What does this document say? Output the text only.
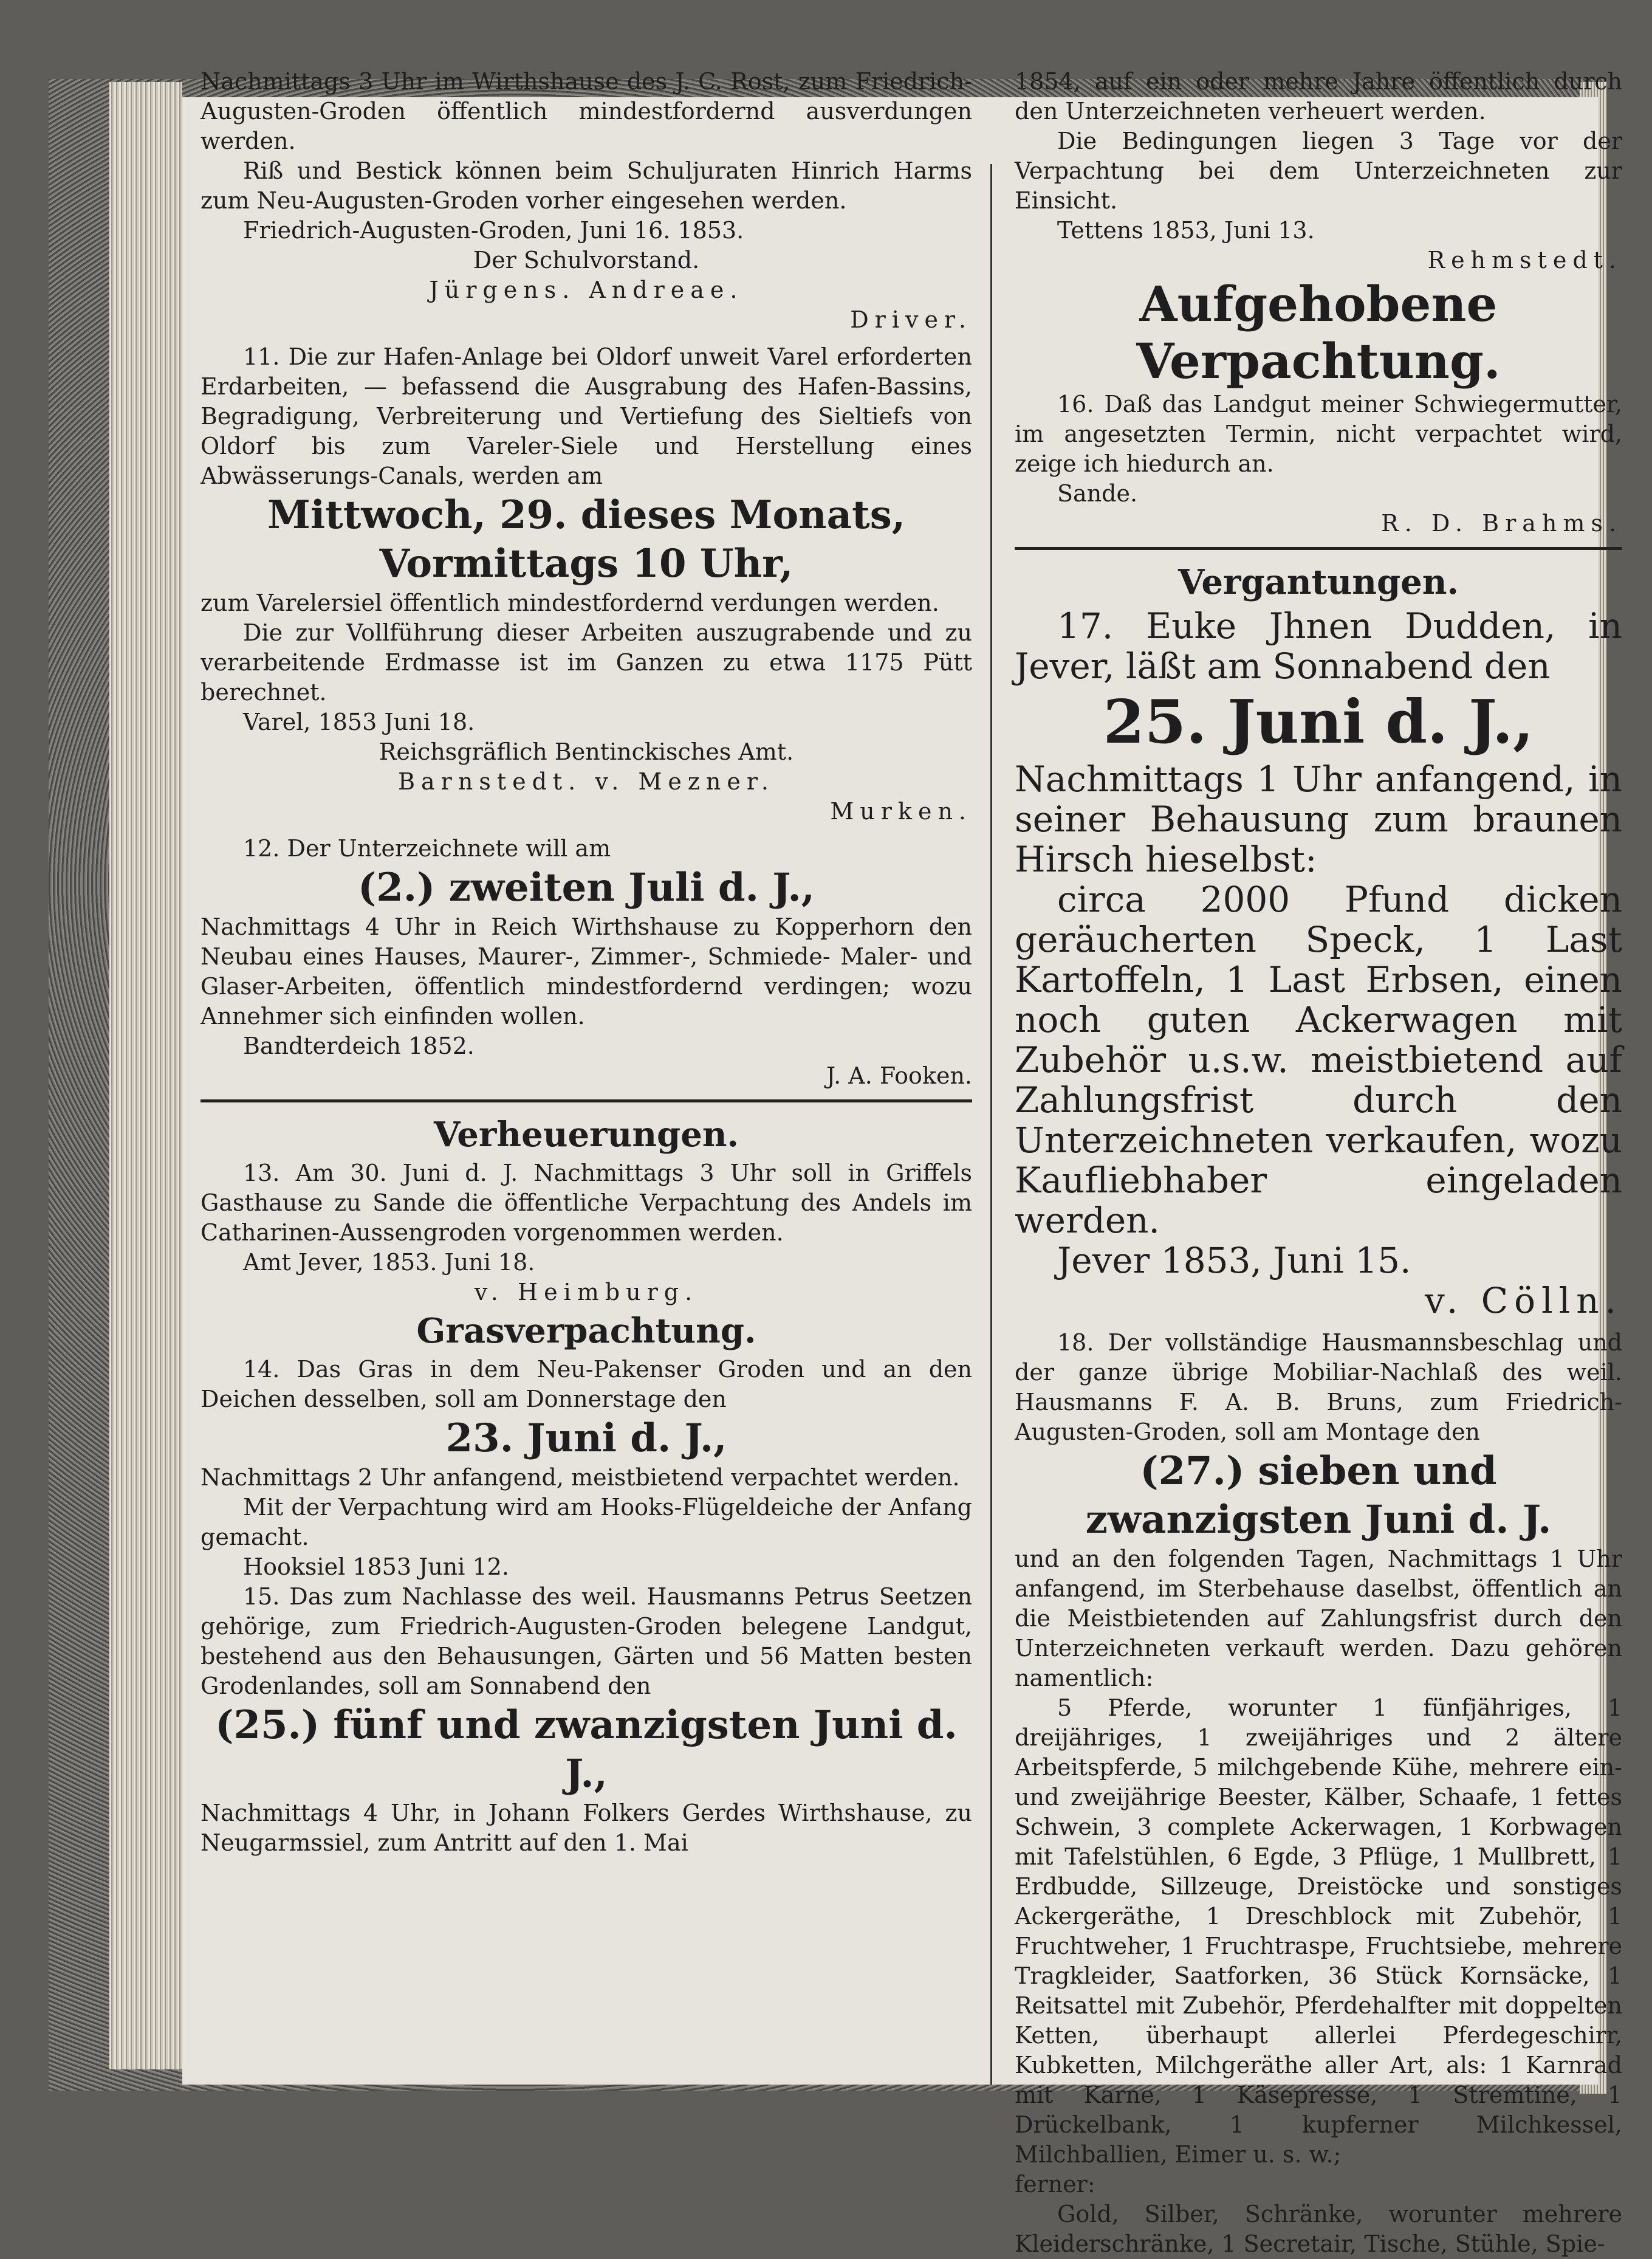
Nachmittags 3 Uhr im Wirthshause des J. C. Rost, zum Friedrich-Augusten-Groden öffentlich mindestfordernd ausverdungen werden.

Riß und Bestick können beim Schuljuraten Hinrich Harms zum Neu-Augusten-Groden vorher eingesehen werden.

Friedrich-Augusten-Groden, Juni 16. 1853.

Der Schulvorstand.

Jürgens. Andreae.

Driver.

11. Die zur Hafen-Anlage bei Oldorf unweit Varel erforderten Erdarbeiten, — befassend die Ausgrabung des Hafen-Bassins, Begradigung, Verbreiterung und Vertiefung des Sieltiefs von Oldorf bis zum Vareler-Siele und Herstellung eines Abwässerungs-Canals, werden am

Mittwoch, 29. dieses Monats, Vormittags 10 Uhr,

zum Varelersiel öffentlich mindestfordernd verdungen werden.

Die zur Vollführung dieser Arbeiten auszugrabende und zu verarbeitende Erdmasse ist im Ganzen zu etwa 1175 Pütt berechnet.

Varel, 1853 Juni 18.

Reichsgräflich Bentinckisches Amt.

Barnstedt. v. Mezner.

Murken.

12. Der Unterzeichnete will am

(2.) zweiten Juli d. J.,

Nachmittags 4 Uhr in Reich Wirthshause zu Kopperhorn den Neubau eines Hauses, Maurer-, Zimmer-, Schmiede- Maler- und Glaser-Arbeiten, öffentlich mindestfordernd verdingen; wozu Annehmer sich einfinden wollen.

Bandterdeich 1852.

J. A. Fooken.

Verheuerungen.

13. Am 30. Juni d. J. Nachmittags 3 Uhr soll in Griffels Gasthause zu Sande die öffentliche Verpachtung des Andels im Catharinen-Aussengroden vorgenommen werden.

Amt Jever, 1853. Juni 18.

v. Heimburg.

Grasverpachtung.

14. Das Gras in dem Neu-Pakenser Groden und an den Deichen desselben, soll am Donnerstage den

23. Juni d. J.,

Nachmittags 2 Uhr anfangend, meistbietend verpachtet werden.

Mit der Verpachtung wird am Hooks-Flügeldeiche der Anfang gemacht.

Hooksiel 1853 Juni 12.

15. Das zum Nachlasse des weil. Hausmanns Petrus Seetzen gehörige, zum Friedrich-Augusten-Groden belegene Landgut, bestehend aus den Behausungen, Gärten und 56 Matten besten Grodenlandes, soll am Sonnabend den

(25.) fünf und zwanzigsten Juni d. J.,

Nachmittags 4 Uhr, in Johann Folkers Gerdes Wirthshause, zu Neugarmssiel, zum Antritt auf den 1. Mai

1854, auf ein oder mehre Jahre öffentlich durch den Unterzeichneten verheuert werden.

Die Bedingungen liegen 3 Tage vor der Verpachtung bei dem Unterzeichneten zur Einsicht.

Tettens 1853, Juni 13.

Rehmstedt.

Aufgehobene Verpachtung.

16. Daß das Landgut meiner Schwiegermutter, im angesetzten Termin, nicht verpachtet wird, zeige ich hiedurch an.

Sande.

R. D. Brahms.

Vergantungen.

17. Euke Jhnen Dudden, in Jever, läßt am Sonnabend den

25. Juni d. J.,

Nachmittags 1 Uhr anfangend, in seiner Behausung zum braunen Hirsch hieselbst:

circa 2000 Pfund dicken geräucherten Speck, 1 Last Kartoffeln, 1 Last Erbsen, einen noch guten Ackerwagen mit Zubehör u.s.w. meistbietend auf Zahlungsfrist durch den Unterzeichneten verkaufen, wozu Kaufliebhaber eingeladen werden.

Jever 1853, Juni 15.

v. Cölln.

18. Der vollständige Hausmannsbeschlag und der ganze übrige Mobiliar-Nachlaß des weil. Hausmanns F. A. B. Bruns, zum Friedrich-Augusten-Groden, soll am Montage den

(27.) sieben und zwanzigsten Juni d. J.

und an den folgenden Tagen, Nachmittags 1 Uhr anfangend, im Sterbehause daselbst, öffentlich an die Meistbietenden auf Zahlungsfrist durch den Unterzeichneten verkauft werden. Dazu gehören namentlich:

5 Pferde, worunter 1 fünfjähriges, 1 dreijähriges, 1 zweijähriges und 2 ältere Arbeitspferde, 5 milchgebende Kühe, mehrere ein- und zweijährige Beester, Kälber, Schaafe, 1 fettes Schwein, 3 complete Ackerwagen, 1 Korbwagen mit Tafelstühlen, 6 Egde, 3 Pflüge, 1 Mullbrett, 1 Erdbudde, Sillzeuge, Dreistöcke und sonstiges Ackergeräthe, 1 Dreschblock mit Zubehör, 1 Fruchtweher, 1 Fruchtraspe, Fruchtsiebe, mehrere Tragkleider, Saatforken, 36 Stück Kornsäcke, 1 Reitsattel mit Zubehör, Pferdehalfter mit doppelten Ketten, überhaupt allerlei Pferdegeschirr, Kubketten, Milchgeräthe aller Art, als: 1 Karnrad mit Karne, 1 Käsepresse, 1 Stremtine, 1 Drückelbank, 1 kupferner Milchkessel, Milchballien, Eimer u. s. w.;

ferner:

Gold, Silber, Schränke, worunter mehrere Kleiderschränke, 1 Secretair, Tische, Stühle, Spie-
